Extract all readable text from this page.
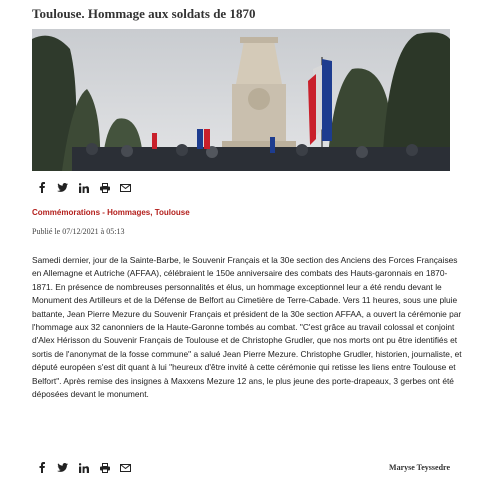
Toulouse. Hommage aux soldats de 1870
Commémorations - Hommages, Toulouse
Publié le 07/12/2021 à 05:13
Samedi dernier, jour de la Sainte-Barbe, le Souvenir Français et la 30e section des Anciens des Forces Françaises en Allemagne et Autriche (AFFAA), célébraient le 150e anniversaire des combats des Hauts-garonnais en 1870-1871. En présence de nombreuses personnalités et élus, un hommage exceptionnel leur a été rendu devant le Monument des Artilleurs et de la Défense de Belfort au Cimetière de Terre-Cabade. Vers 11 heures, sous une pluie battante, Jean Pierre Mezure du Souvenir Français et président de la 30e section AFFAA, a ouvert la cérémonie par l'hommage aux 32 canonniers de la Haute-Garonne tombés au combat. "C'est grâce au travail colossal et conjoint d'Alex Hérisson du Souvenir Français de Toulouse et de Christophe Grudler, que nos morts ont pu être identifiés et sortis de l'anonymat de la fosse commune" a salué Jean Pierre Mezure. Christophe Grudler, historien, journaliste, et député européen s'est dit quant à lui "heureux d'être invité à cette cérémonie qui retisse les liens entre Toulouse et Belfort". Après remise des insignes à Maxxens Mezure 12 ans, le plus jeune des porte-drapeaux, 3 gerbes ont été déposées devant le monument.
Maryse Teyssedre
